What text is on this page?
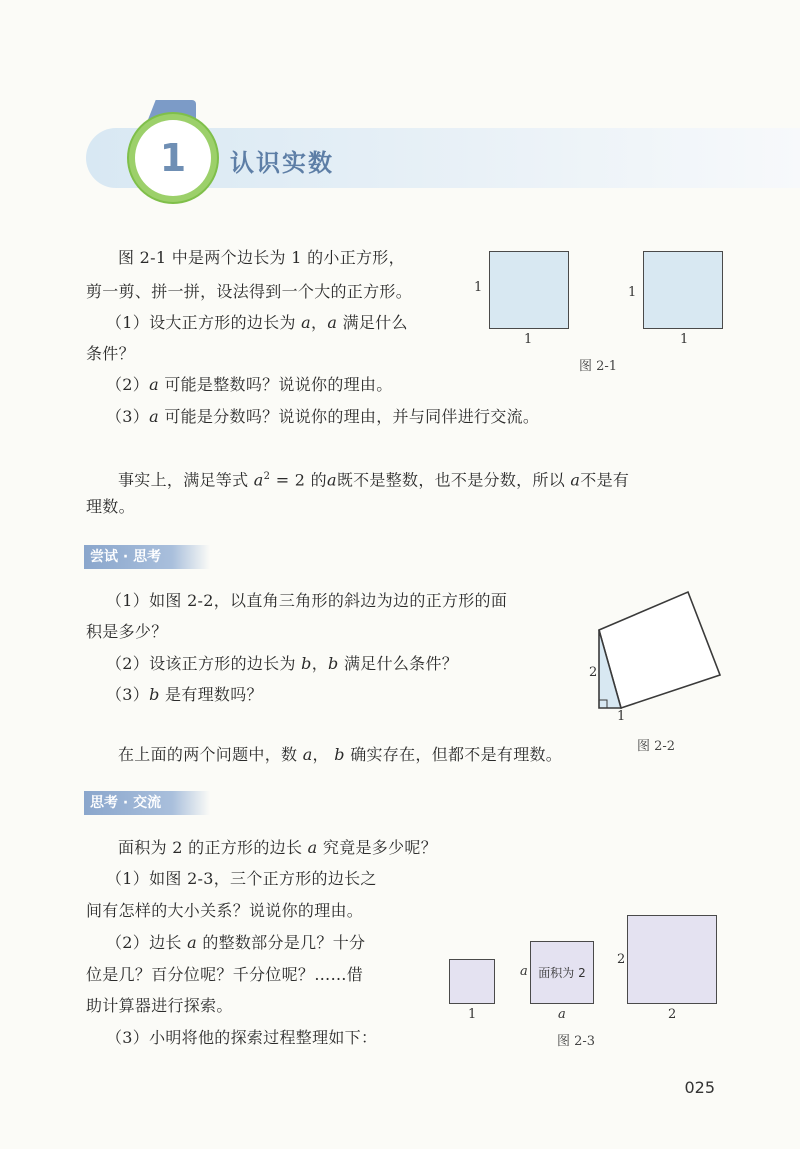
1 认识实数
图 2-1 中是两个边长为 1 的小正方形，
剪一剪、拼一拼，设法得到一个大的正方形。
（1）设大正方形的边长为 a，a 满足什么
条件？
（2）a 可能是整数吗？说说你的理由。
（3）a 可能是分数吗？说说你的理由，并与同伴进行交流。
1
1
1
1
图 2-1
事实上，满足等式 $a^2 = 2$ 的a既不是整数，也不是分数，所以 a不是有
理数。
尝试 · 思考
（1）如图 2-2，以直角三角形的斜边为边的正方形的面
积是多少？
（2）设该正方形的边长为 b，b 满足什么条件？
（3）b 是有理数吗？
在上面的两个问题中，数 a， b 确实存在，但都不是有理数。
2
1
图 2-2
思考 · 交流
面积为 2 的正方形的边长 a 究竟是多少呢？
（1）如图 2-3，三个正方形的边长之
间有怎样的大小关系？说说你的理由。
（2）边长 a 的整数部分是几？十分
位是几？百分位呢？千分位呢？……借
助计算器进行探索。
（3）小明将他的探索过程整理如下：
1
面积为 2
a
a
2
2
图 2-3
025
